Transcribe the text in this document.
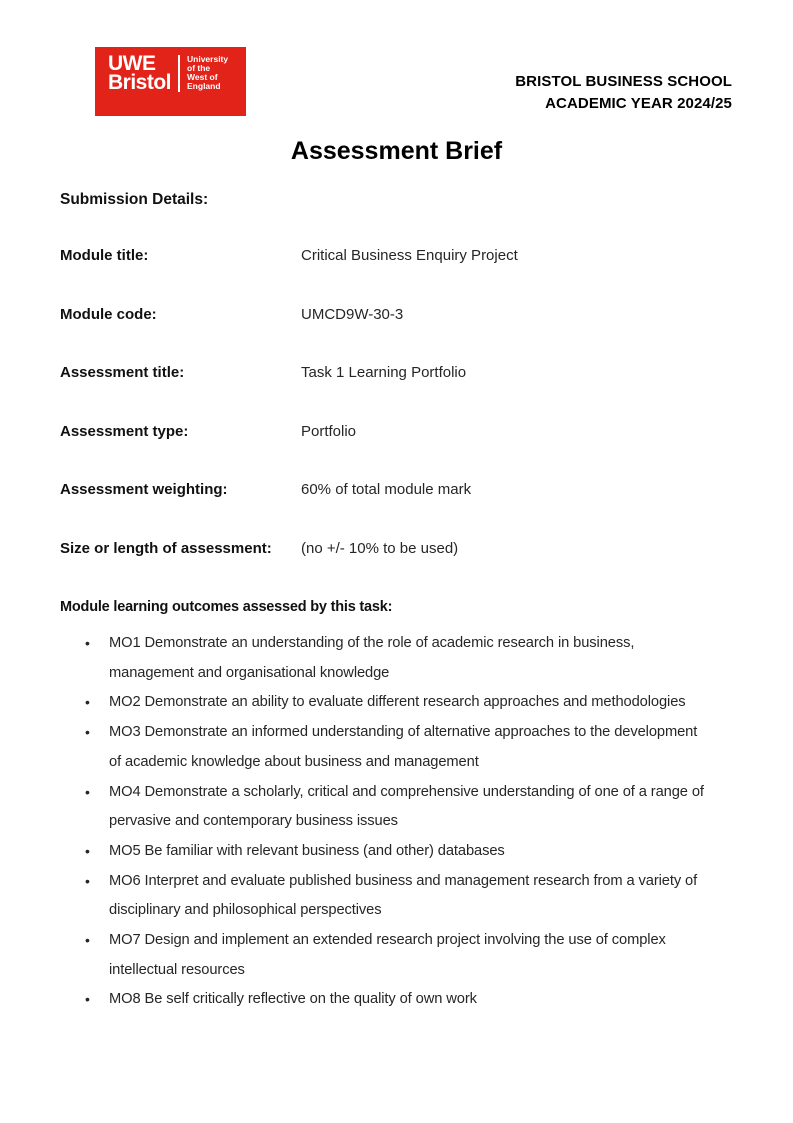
UWE
Bristol
University
of the
West of
England	BRISTOL BUSINESS SCHOOL
ACADEMIC YEAR 2024/25
Assessment Brief
Submission Details:
Module title:	Critical Business Enquiry Project
Module code:	UMCD9W-30-3
Assessment title:	Task 1 Learning Portfolio
Assessment type:	Portfolio
Assessment weighting:	60% of total module mark
Size or length of assessment:	(no +/- 10% to be used)
Module learning outcomes assessed by this task:
• MO1 Demonstrate an understanding of the role of academic research in business, management and organisational knowledge
• MO2 Demonstrate an ability to evaluate different research approaches and methodologies
• MO3 Demonstrate an informed understanding of alternative approaches to the development of academic knowledge about business and management
• MO4 Demonstrate a scholarly, critical and comprehensive understanding of one of a range of pervasive and contemporary business issues
• MO5 Be familiar with relevant business (and other) databases
• MO6 Interpret and evaluate published business and management research from a variety of disciplinary and philosophical perspectives
• MO7 Design and implement an extended research project involving the use of complex intellectual resources
• MO8 Be self critically reflective on the quality of own work
